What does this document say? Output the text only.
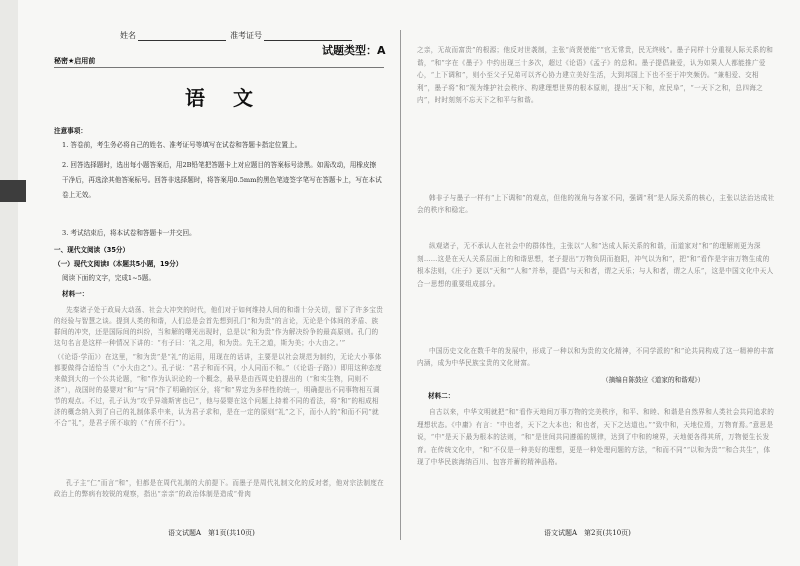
姓名	准考证号
试题类型：A
秘密★启用前
语文
注意事项：
1. 答卷前，考生务必将自己的姓名、准考证号等填写在试卷和答题卡指定位置上。
2. 回答选择题时，选出每小题答案后，用2B铅笔把答题卡上对应题目的答案标号涂黑。如需改动，用橡皮擦干净后，再选涂其他答案标号。回答非选择题时，将答案用0.5mm的黑色笔迹签字笔写在答题卡上，写在本试卷上无效。
3. 考试结束后，将本试卷和答题卡一并交回。
一、现代文阅读（35分）
（一）现代文阅读Ⅰ（本题共5小题，19分）
阅读下面的文字，完成1~5题。
材料一：
先秦诸子处于政局大动荡、社会大冲突的时代，他们对于如何维持人间的和谐十分关切，留下了许多宝贵的经验与智慧之谈。提到人类的和谐，人们总是会首先想到孔门“和为贵”的言论，无论是个体间的矛盾、族群间的冲突，还是国际间的纠纷，当和解的曙光出现时，总是以“和为贵”作为解决纷争的最高原则。孔门的这句名言是这样一种情况下讲的：“有子曰：‘礼之用，和为贵。先王之道，斯为美；小大由之。’”
（《论语·学而》）在这里，“和为贵”是“礼”的运用，用现在的话讲，主要是以社会规范为制约，无论大小事体都要做得合适恰当（“小大由之”）。孔子说：“君子和而不同，小人同而不和。”（《论语·子路》）即用这种态度来做到大的一个公共论题，“和”作为认识论的一个概念，最早是由西周史伯提出的（“和实生物，同则不济”），战国时的晏婴对“和”与“同”作了明确的区分，将“和”界定为多样性的统一，明确提出不同事物相互调节的观点。不过，孔子认为“攻乎异端斯害也已”，他与晏婴在这个问题上持着不同的看法，将“和”的相成相济的概念纳入到了自己的礼制体系中来，认为君子求和，是在一定的原则“礼”之下，而小人的“和而不同”就不合“礼”，是君子所不取的（“有所不行”）。
孔子主“仁”而言“和”，但都是在周代礼制的大前提下。而墨子是周代礼制文化的反对者，他对宗法制度在政治上的弊病有较锐的观察，指出“亲亲”的政治体制是造成“骨肉
之亲，无故而富贵”的根源；他反对世袭制，主张“尚贤使能”“官无常贵，民无终贱”。墨子同样十分重视人际关系的和谐，“和”字在《墨子》中约出现三十多次，超过《论语》《孟子》的总和。墨子提倡兼爱，认为如果人人都能推广爱心，“上下调和”，则小至父子兄弟可以齐心协力建立美好生活，大到邦国上下也不至于冲突频仍。“兼相爱、交相利”，墨子将“和”视为维护社会秩序、构建理想世界的根本原则，提出“天下和，庶民阜”，“一天下之和，总四海之内”，时时刻刻不忘天下之和平与和谐。
韩非子与墨子一样有“上下调和”的观点，但他的视角与各家不同，强调“利”是人际关系的核心，主张以法治达成社会的秩序和稳定。
纵观诸子，无不承认人在社会中的群体性，主张以“人和”达成人际关系的和谐，而道家对“和”的理解则更为深刻……这是在天人关系层面上的和谐思想，老子提出“万物负阴而抱阳，冲气以为和”，把“和”看作是宇宙万物生成的根本法则，《庄子》更以“天和”“人和”并举，提倡“与天和者，谓之天乐；与人和者，谓之人乐”，这是中国文化中天人合一思想的重要组成部分。
中国历史文化在数千年的发展中，形成了一种以和为贵的文化精神，不同学派的“和”论共同构成了这一精神的丰富内涵，成为中华民族宝贵的文化财富。
（摘编自陈鼓应《道家的和谐观》）
材料二：
自古以来，中华文明就把“和”看作天地间万事万物的完美秩序，和平、和睦、和谐是自然界和人类社会共同追求的理想状态。《中庸》有言：“中也者，天下之大本也；和也者，天下之达道也。”“致中和，天地位焉，万物育焉。”意思是说，“中”是天下最为根本的法则，“和”是世间共同遵循的规律，达到了中和的境界，天地便各得其所，万物便生长发育。在传统文化中，“和”不仅是一种美好的理想，更是一种处理问题的方法，“和而不同”“以和为贵”“和合共生”，体现了中华民族海纳百川、包容并蓄的精神品格。
语文试题A　第1页(共10页)	语文试题A　第2页(共10页)
